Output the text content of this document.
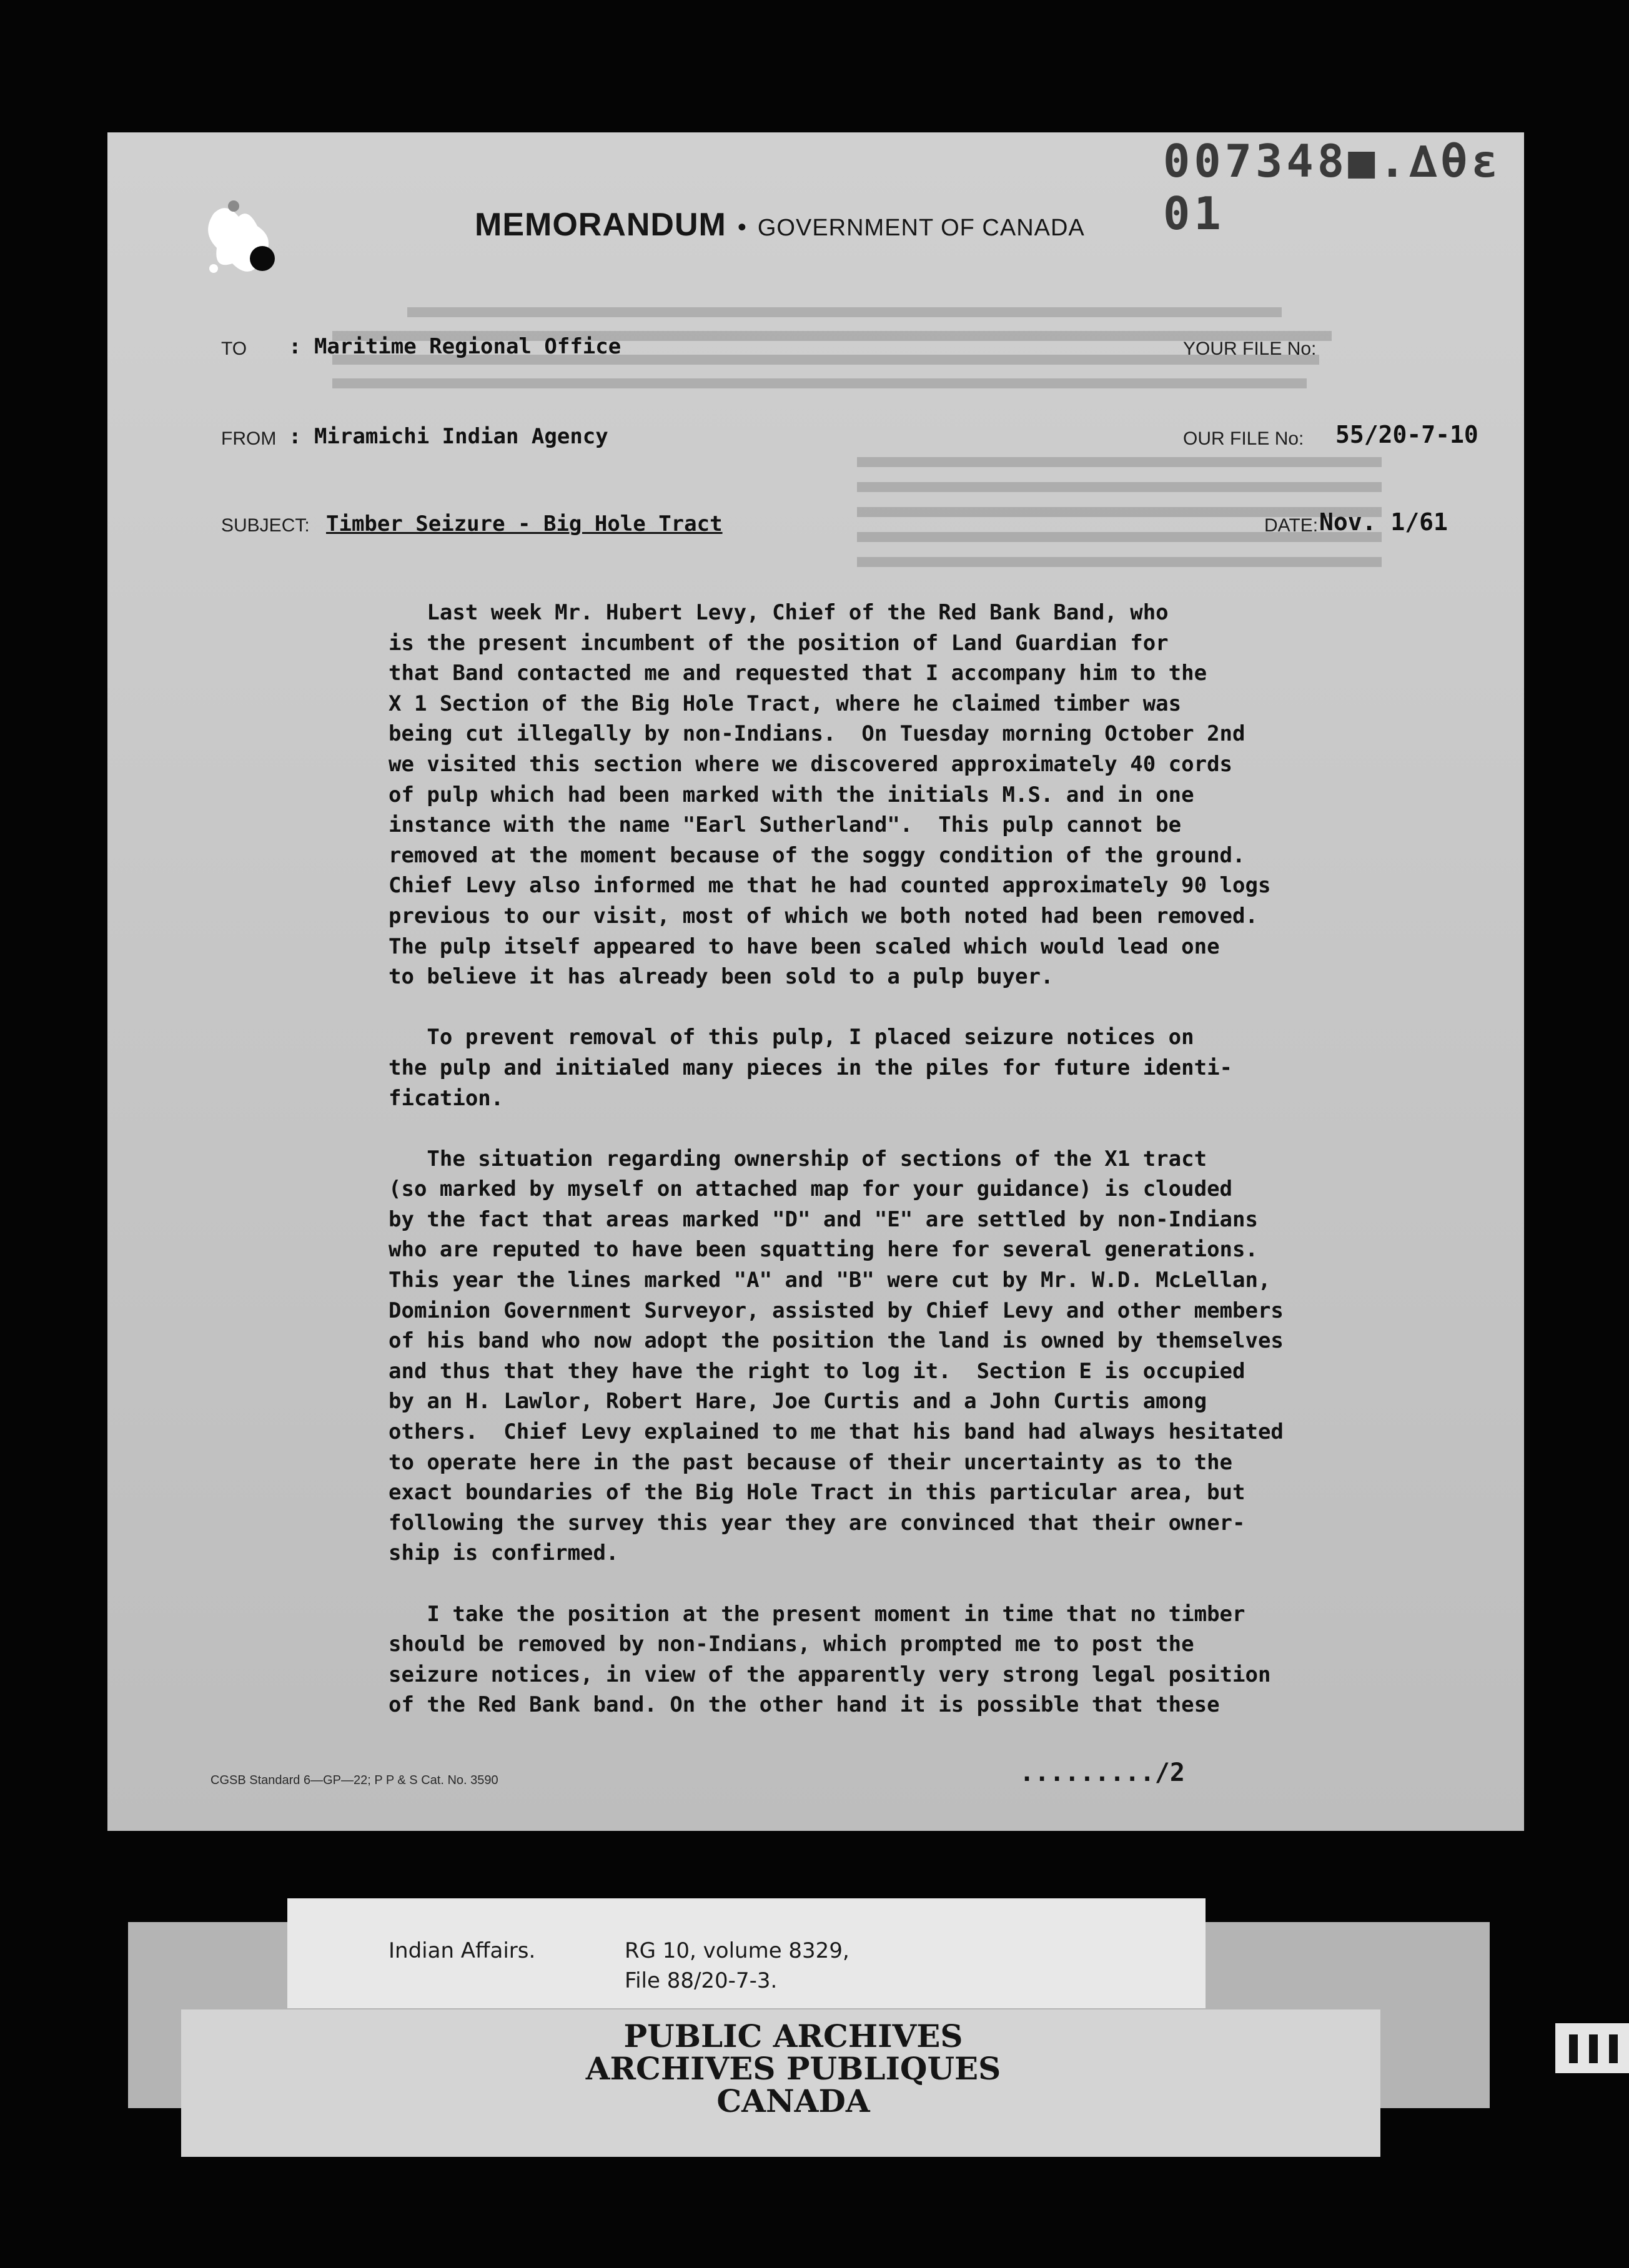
007348■.∆θε 01
MEMORANDUM • GOVERNMENT OF CANADA
TO : Maritime Regional Office	YOUR FILE No:
FROM : Miramichi Indian Agency	OUR FILE No: 55/20-7-10
SUBJECT: Timber Seizure - Big Hole Tract	DATE: Nov. 1/61

Last week Mr. Hubert Levy, Chief of the Red Bank Band, who

is the present incumbent of the position of Land Guardian for

that Band contacted me and requested that I accompany him to the

X 1 Section of the Big Hole Tract, where he claimed timber was

being cut illegally by non-Indians.  On Tuesday morning October 2nd

we visited this section where we discovered approximately 40 cords

of pulp which had been marked with the initials M.S. and in one

instance with the name "Earl Sutherland".  This pulp cannot be

removed at the moment because of the soggy condition of the ground.

Chief Levy also informed me that he had counted approximately 90 logs

previous to our visit, most of which we both noted had been removed.

The pulp itself appeared to have been scaled which would lead one

to believe it has already been sold to a pulp buyer.

To prevent removal of this pulp, I placed seizure notices on

the pulp and initialed many pieces in the piles for future identi-

fication.

The situation regarding ownership of sections of the X1 tract

(so marked by myself on attached map for your guidance) is clouded

by the fact that areas marked "D" and "E" are settled by non-Indians

who are reputed to have been squatting here for several generations.

This year the lines marked "A" and "B" were cut by Mr. W.D. McLellan,

Dominion Government Surveyor, assisted by Chief Levy and other members

of his band who now adopt the position the land is owned by themselves

and thus that they have the right to log it.  Section E is occupied

by an H. Lawlor, Robert Hare, Joe Curtis and a John Curtis among

others.  Chief Levy explained to me that his band had always hesitated

to operate here in the past because of their uncertainty as to the

exact boundaries of the Big Hole Tract in this particular area, but

following the survey this year they are convinced that their owner-

ship is confirmed.

I take the position at the present moment in time that no timber

should be removed by non-Indians, which prompted me to post the

seizure notices, in view of the apparently very strong legal position

of the Red Bank band. On the other hand it is possible that these

CGSB Standard 6—GP—22; P P & S Cat. No. 3590	........./2
Indian Affairs.	RG 10, volume 8329,
File 88/20-7-3.
PUBLIC ARCHIVES
ARCHIVES PUBLIQUES
CANADA
